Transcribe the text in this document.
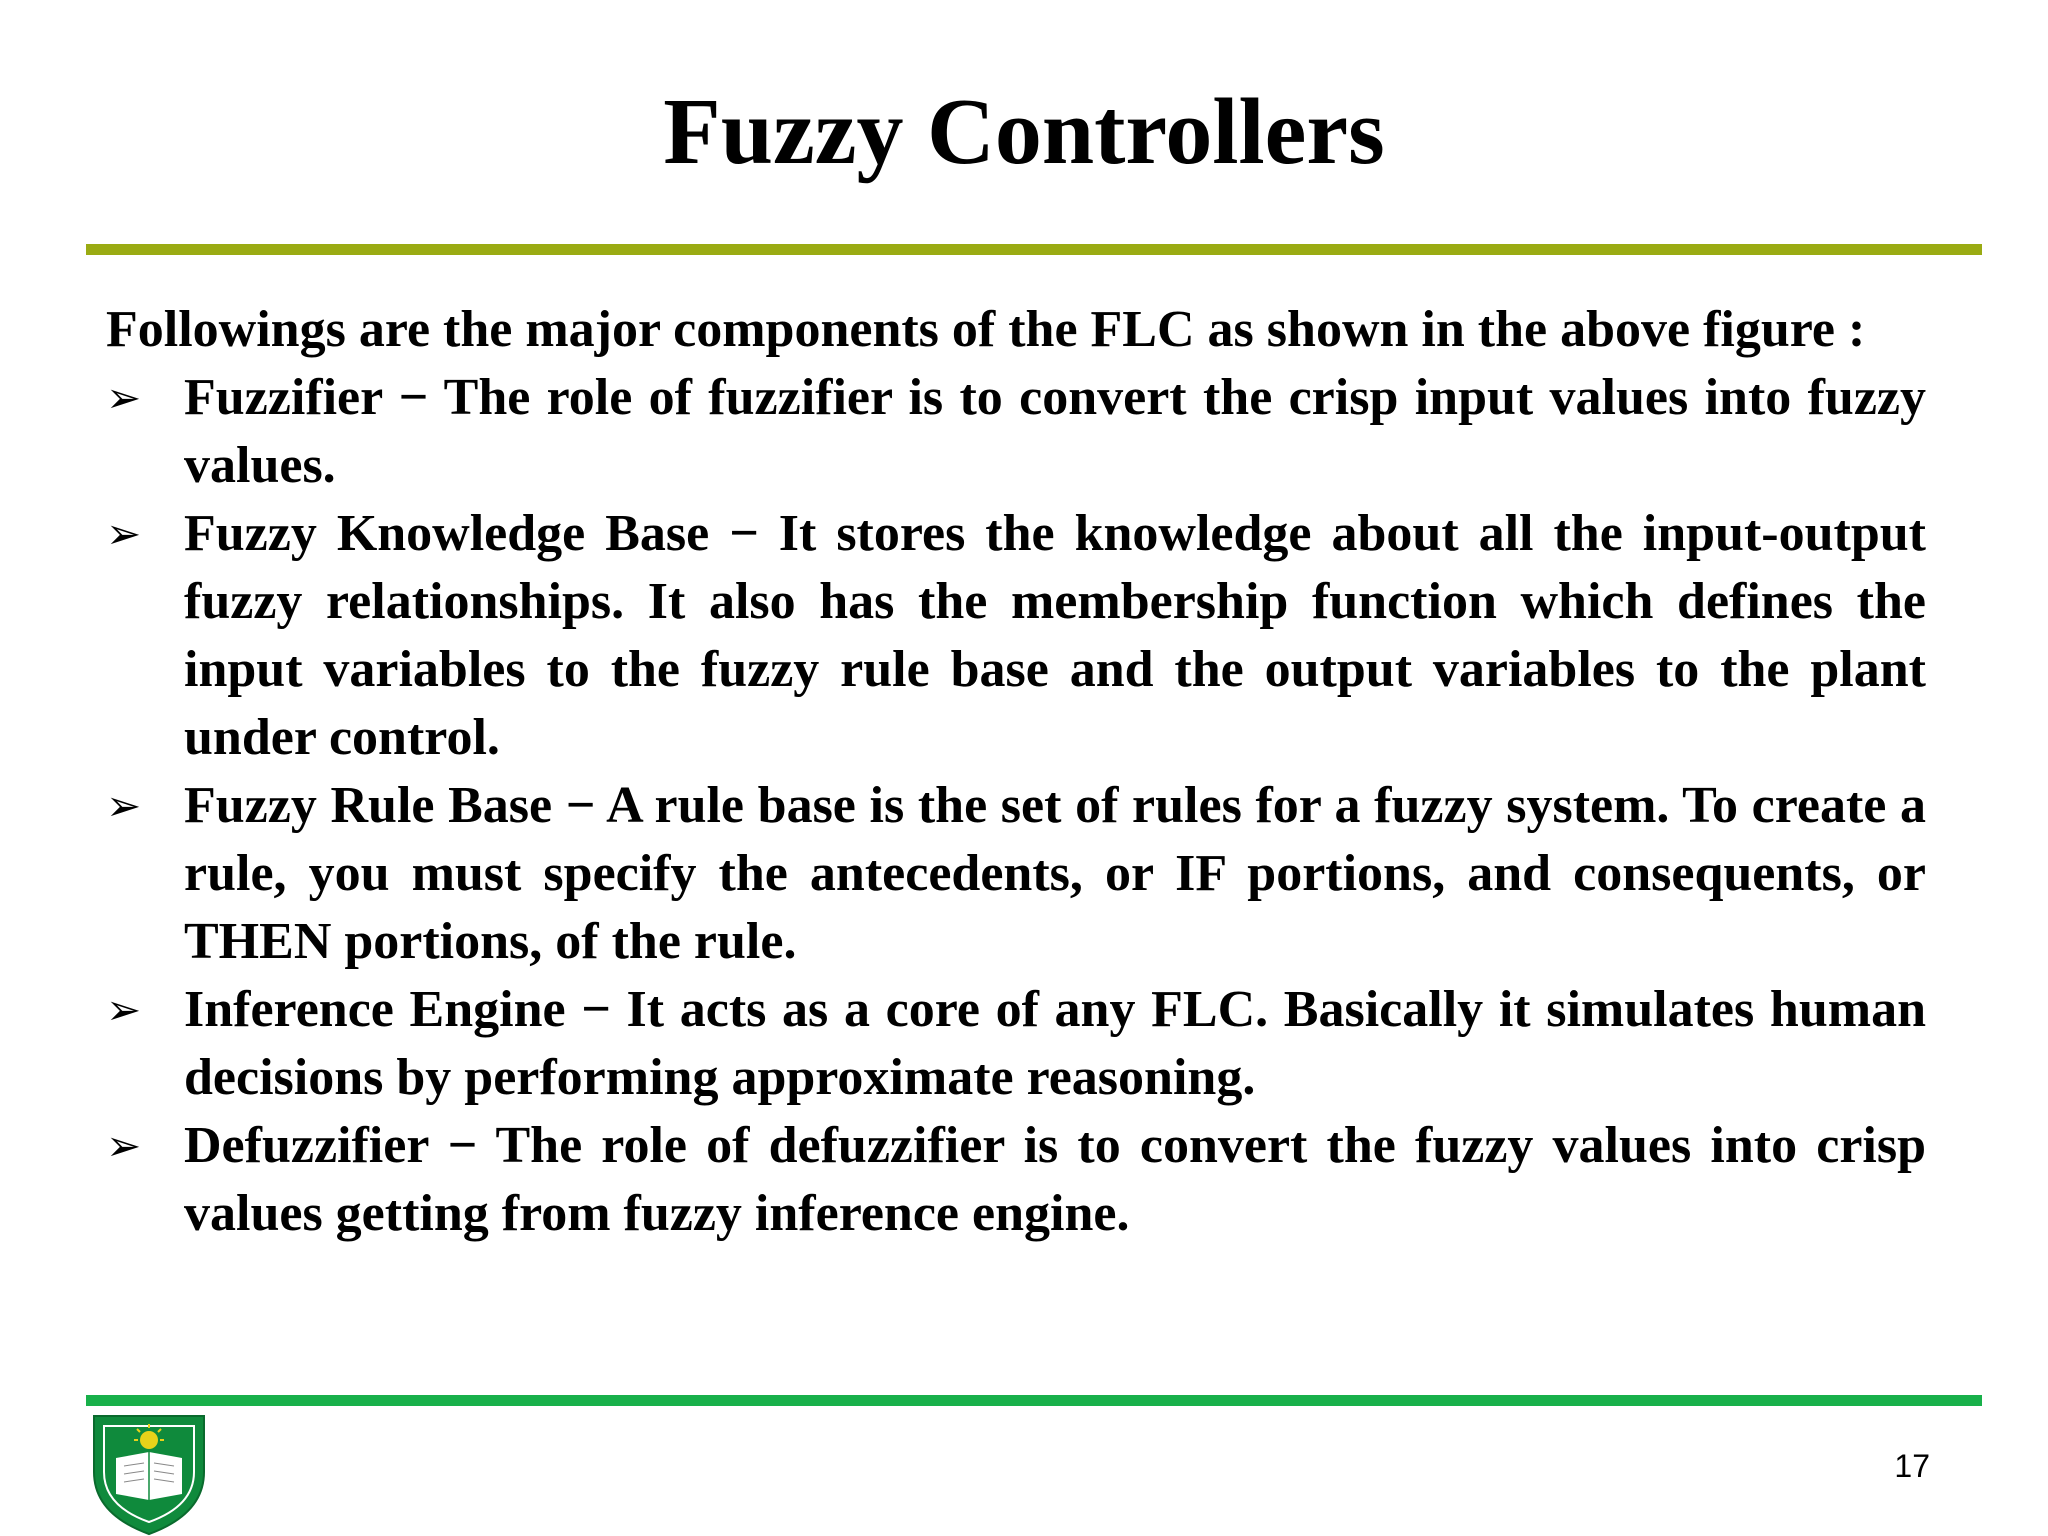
Fuzzy Controllers

Followings are the major components of the FLC as shown in the above figure :

➢ Fuzzifier − The role of fuzzifier is to convert the crisp input values into fuzzy values.
➢ Fuzzy Knowledge Base − It stores the knowledge about all the input-output fuzzy relationships. It also has the membership function which defines the input variables to the fuzzy rule base and the output variables to the plant under control.
➢ Fuzzy Rule Base − A rule base is the set of rules for a fuzzy system. To create a rule, you must specify the antecedents, or IF portions, and consequents, or THEN portions, of the rule.
➢ Inference Engine − It acts as a core of any FLC. Basically it simulates human decisions by performing approximate reasoning.
➢ Defuzzifier − The role of defuzzifier is to convert the fuzzy values into crisp values getting from fuzzy inference engine.
17
